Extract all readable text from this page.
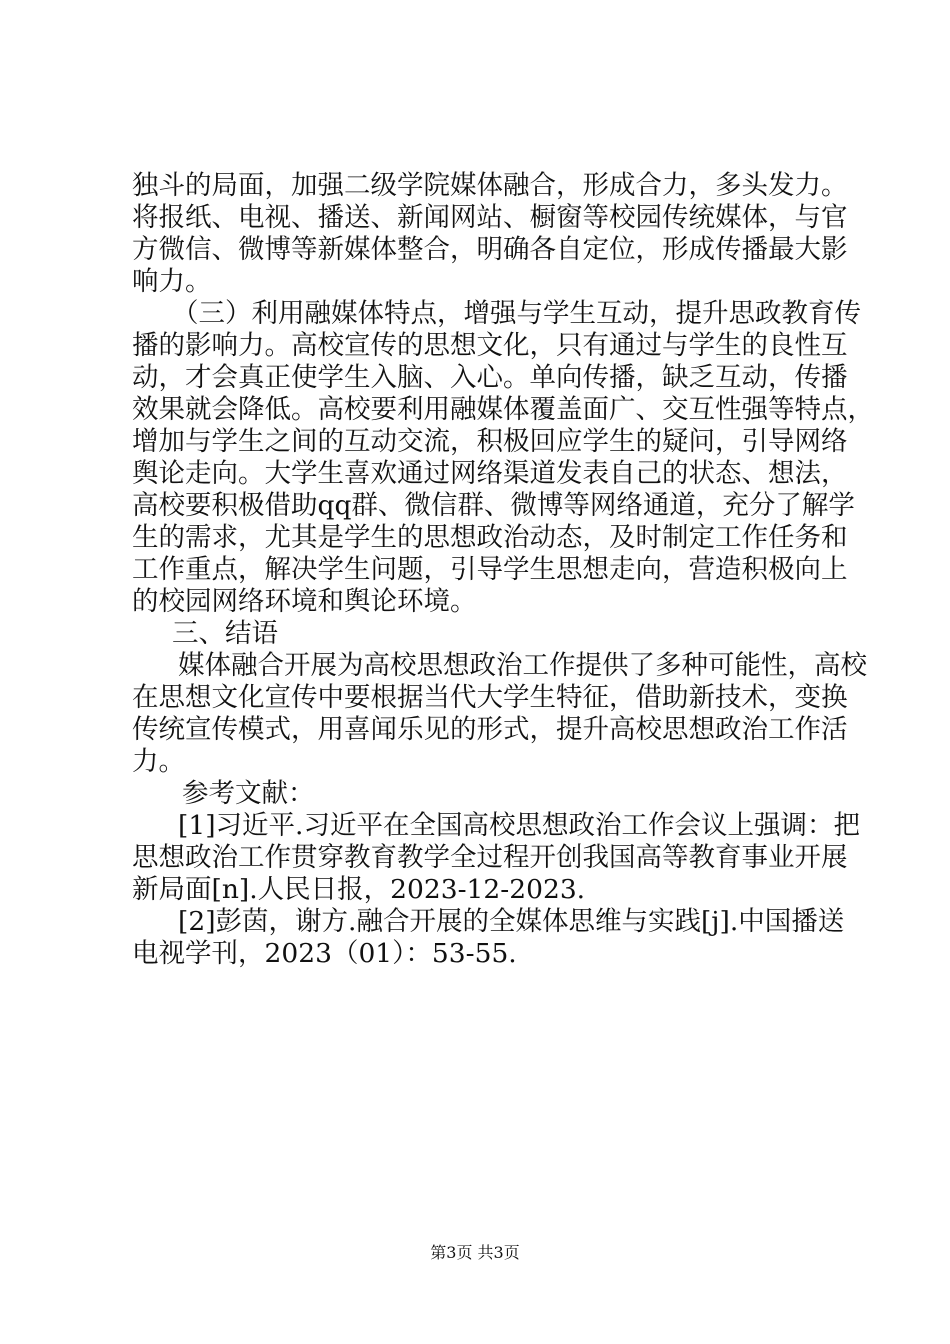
独斗的局面，加强二级学院媒体融合，形成合力，多头发力。
将报纸、电视、播送、新闻网站、橱窗等校园传统媒体，与官
方微信、微博等新媒体整合，明确各自定位，形成传播最大影
响力。
（三）利用融媒体特点，增强与学生互动，提升思政教育传
播的影响力。高校宣传的思想文化，只有通过与学生的良性互
动，才会真正使学生入脑、入心。单向传播，缺乏互动，传播
效果就会降低。高校要利用融媒体覆盖面广、交互性强等特点，
增加与学生之间的互动交流，积极回应学生的疑问，引导网络
舆论走向。大学生喜欢通过网络渠道发表自己的状态、想法，
高校要积极借助qq群、微信群、微博等网络通道，充分了解学
生的需求，尤其是学生的思想政治动态，及时制定工作任务和
工作重点，解决学生问题，引导学生思想走向，营造积极向上
的校园网络环境和舆论环境。
三、结语
媒体融合开展为高校思想政治工作提供了多种可能性，高校
在思想文化宣传中要根据当代大学生特征，借助新技术，变换
传统宣传模式，用喜闻乐见的形式，提升高校思想政治工作活
力。
参考文献：
[1]习近平.习近平在全国高校思想政治工作会议上强调：把
思想政治工作贯穿教育教学全过程开创我国高等教育事业开展
新局面[n].人民日报，2023-12-2023.
[2]彭茵，谢方.融合开展的全媒体思维与实践[j].中国播送
电视学刊，2023（01）：53-55.
第3页 共3页
